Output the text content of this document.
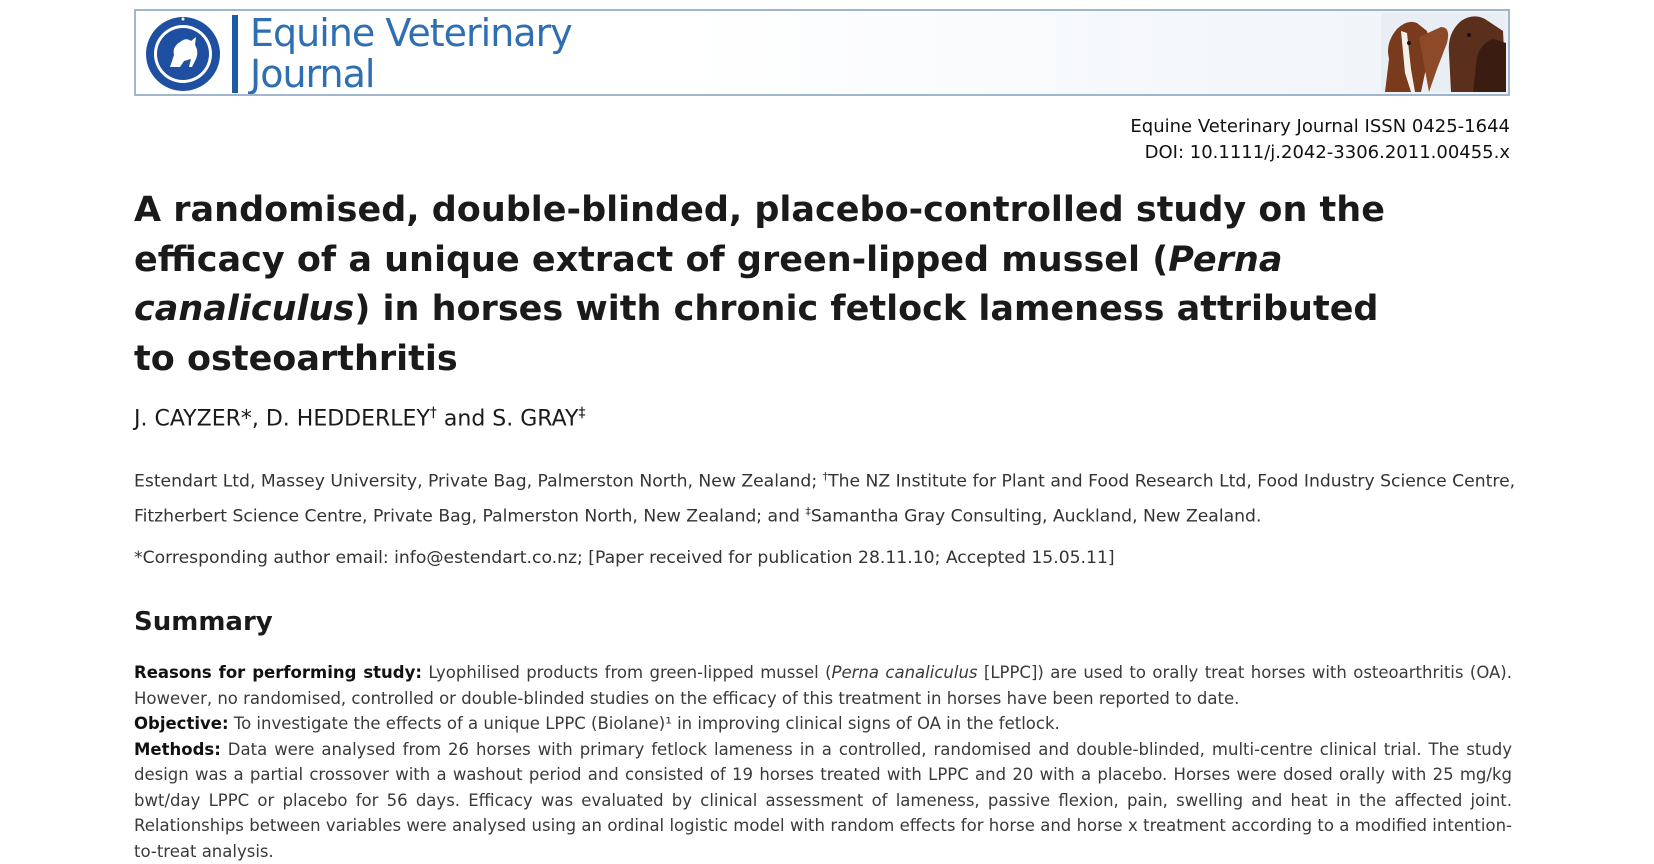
Equine Veterinary
Journal
Equine Veterinary Journal ISSN 0425-1644
DOI: 10.1111/j.2042-3306.2011.00455.x
A randomised, double-blinded, placebo-controlled study on the efficacy of a unique extract of green-lipped mussel (Perna canaliculus) in horses with chronic fetlock lameness attributed to osteoarthritis
J. CAYZER*, D. HEDDERLEY† and S. GRAY‡

Estendart Ltd, Massey University, Private Bag, Palmerston North, New Zealand; †The NZ Institute for Plant and Food Research Ltd, Food Industry Science Centre,

Fitzherbert Science Centre, Private Bag, Palmerston North, New Zealand; and ‡Samantha Gray Consulting, Auckland, New Zealand.

*Corresponding author email: info@estendart.co.nz; [Paper received for publication 28.11.10; Accepted 15.05.11]
Summary

Reasons for performing study: Lyophilised products from green-lipped mussel (Perna canaliculus [LPPC]) are used to orally treat horses with osteoarthritis (OA). However, no randomised, controlled or double-blinded studies on the efficacy of this treatment in horses have been reported to date.

Objective: To investigate the effects of a unique LPPC (Biolane)¹ in improving clinical signs of OA in the fetlock.

Methods: Data were analysed from 26 horses with primary fetlock lameness in a controlled, randomised and double-blinded, multi-centre clinical trial. The study design was a partial crossover with a washout period and consisted of 19 horses treated with LPPC and 20 with a placebo. Horses were dosed orally with 25 mg/kg bwt/day LPPC or placebo for 56 days. Efficacy was evaluated by clinical assessment of lameness, passive flexion, pain, swelling and heat in the affected joint. Relationships between variables were analysed using an ordinal logistic model with random effects for horse and horse x treatment according to a modified intention-to-treat analysis.
